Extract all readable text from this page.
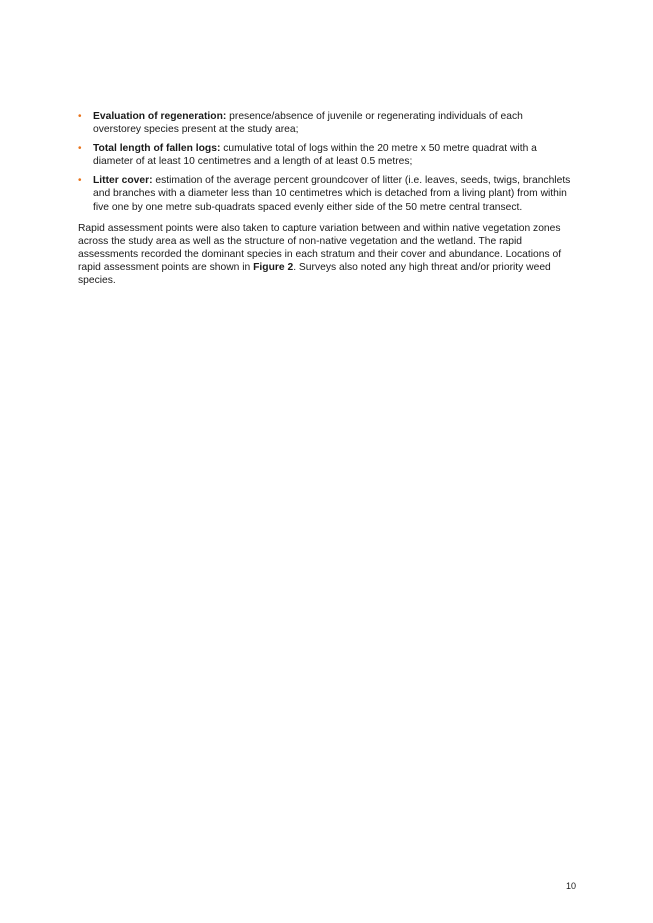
• Evaluation of regeneration: presence/absence of juvenile or regenerating individuals of each overstorey species present at the study area;
• Total length of fallen logs: cumulative total of logs within the 20 metre x 50 metre quadrat with a diameter of at least 10 centimetres and a length of at least 0.5 metres;
• Litter cover: estimation of the average percent groundcover of litter (i.e. leaves, seeds, twigs, branchlets and branches with a diameter less than 10 centimetres which is detached from a living plant) from within five one by one metre sub-quadrats spaced evenly either side of the 50 metre central transect.

Rapid assessment points were also taken to capture variation between and within native vegetation zones across the study area as well as the structure of non-native vegetation and the wetland. The rapid assessments recorded the dominant species in each stratum and their cover and abundance. Locations of rapid assessment points are shown in Figure 2. Surveys also noted any high threat and/or priority weed species.

10
